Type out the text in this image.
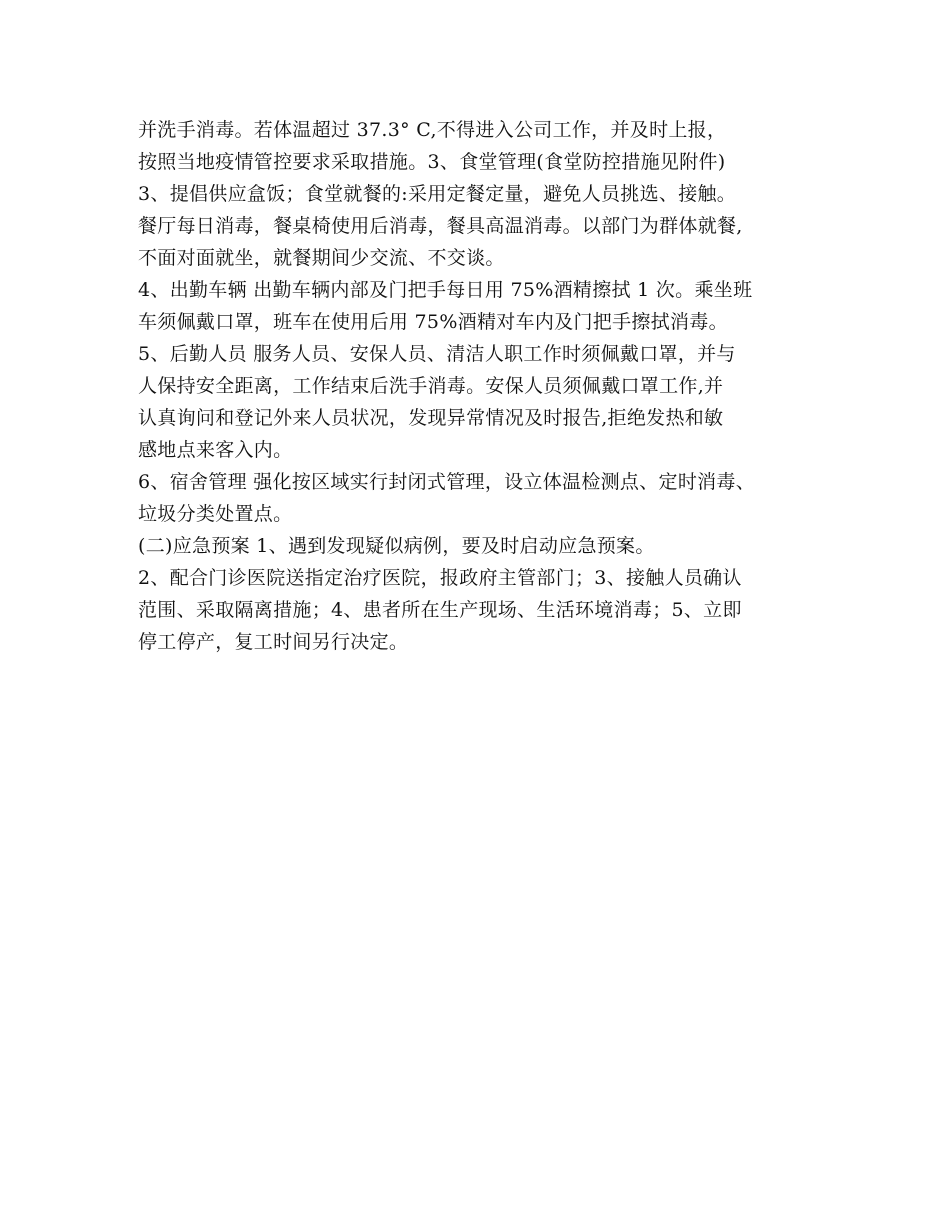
并洗手消毒。若体温超过 37.3° C,不得进入公司工作，并及时上报，
按照当地疫情管控要求采取措施。3、食堂管理(食堂防控措施见附件)
3、提倡供应盒饭；食堂就餐的:采用定餐定量，避免人员挑选、接触。
餐厅每日消毒，餐桌椅使用后消毒，餐具高温消毒。以部门为群体就餐,
不面对面就坐，就餐期间少交流、不交谈。
4、出勤车辆 出勤车辆内部及门把手每日用 75%酒精擦拭 1 次。乘坐班
车须佩戴口罩，班车在使用后用 75%酒精对车内及门把手擦拭消毒。
5、后勤人员 服务人员、安保人员、清洁人职工作时须佩戴口罩，并与
人保持安全距离，工作结束后洗手消毒。安保人员须佩戴口罩工作,并
认真询问和登记外来人员状况，发现异常情况及时报告,拒绝发热和敏
感地点来客入内。
6、宿舍管理 强化按区域实行封闭式管理，设立体温检测点、定时消毒、
垃圾分类处置点。
(二)应急预案 1、遇到发现疑似病例，要及时启动应急预案。
2、配合门诊医院送指定治疗医院，报政府主管部门；3、接触人员确认
范围、采取隔离措施；4、患者所在生产现场、生活环境消毒；5、立即
停工停产，复工时间另行决定。
